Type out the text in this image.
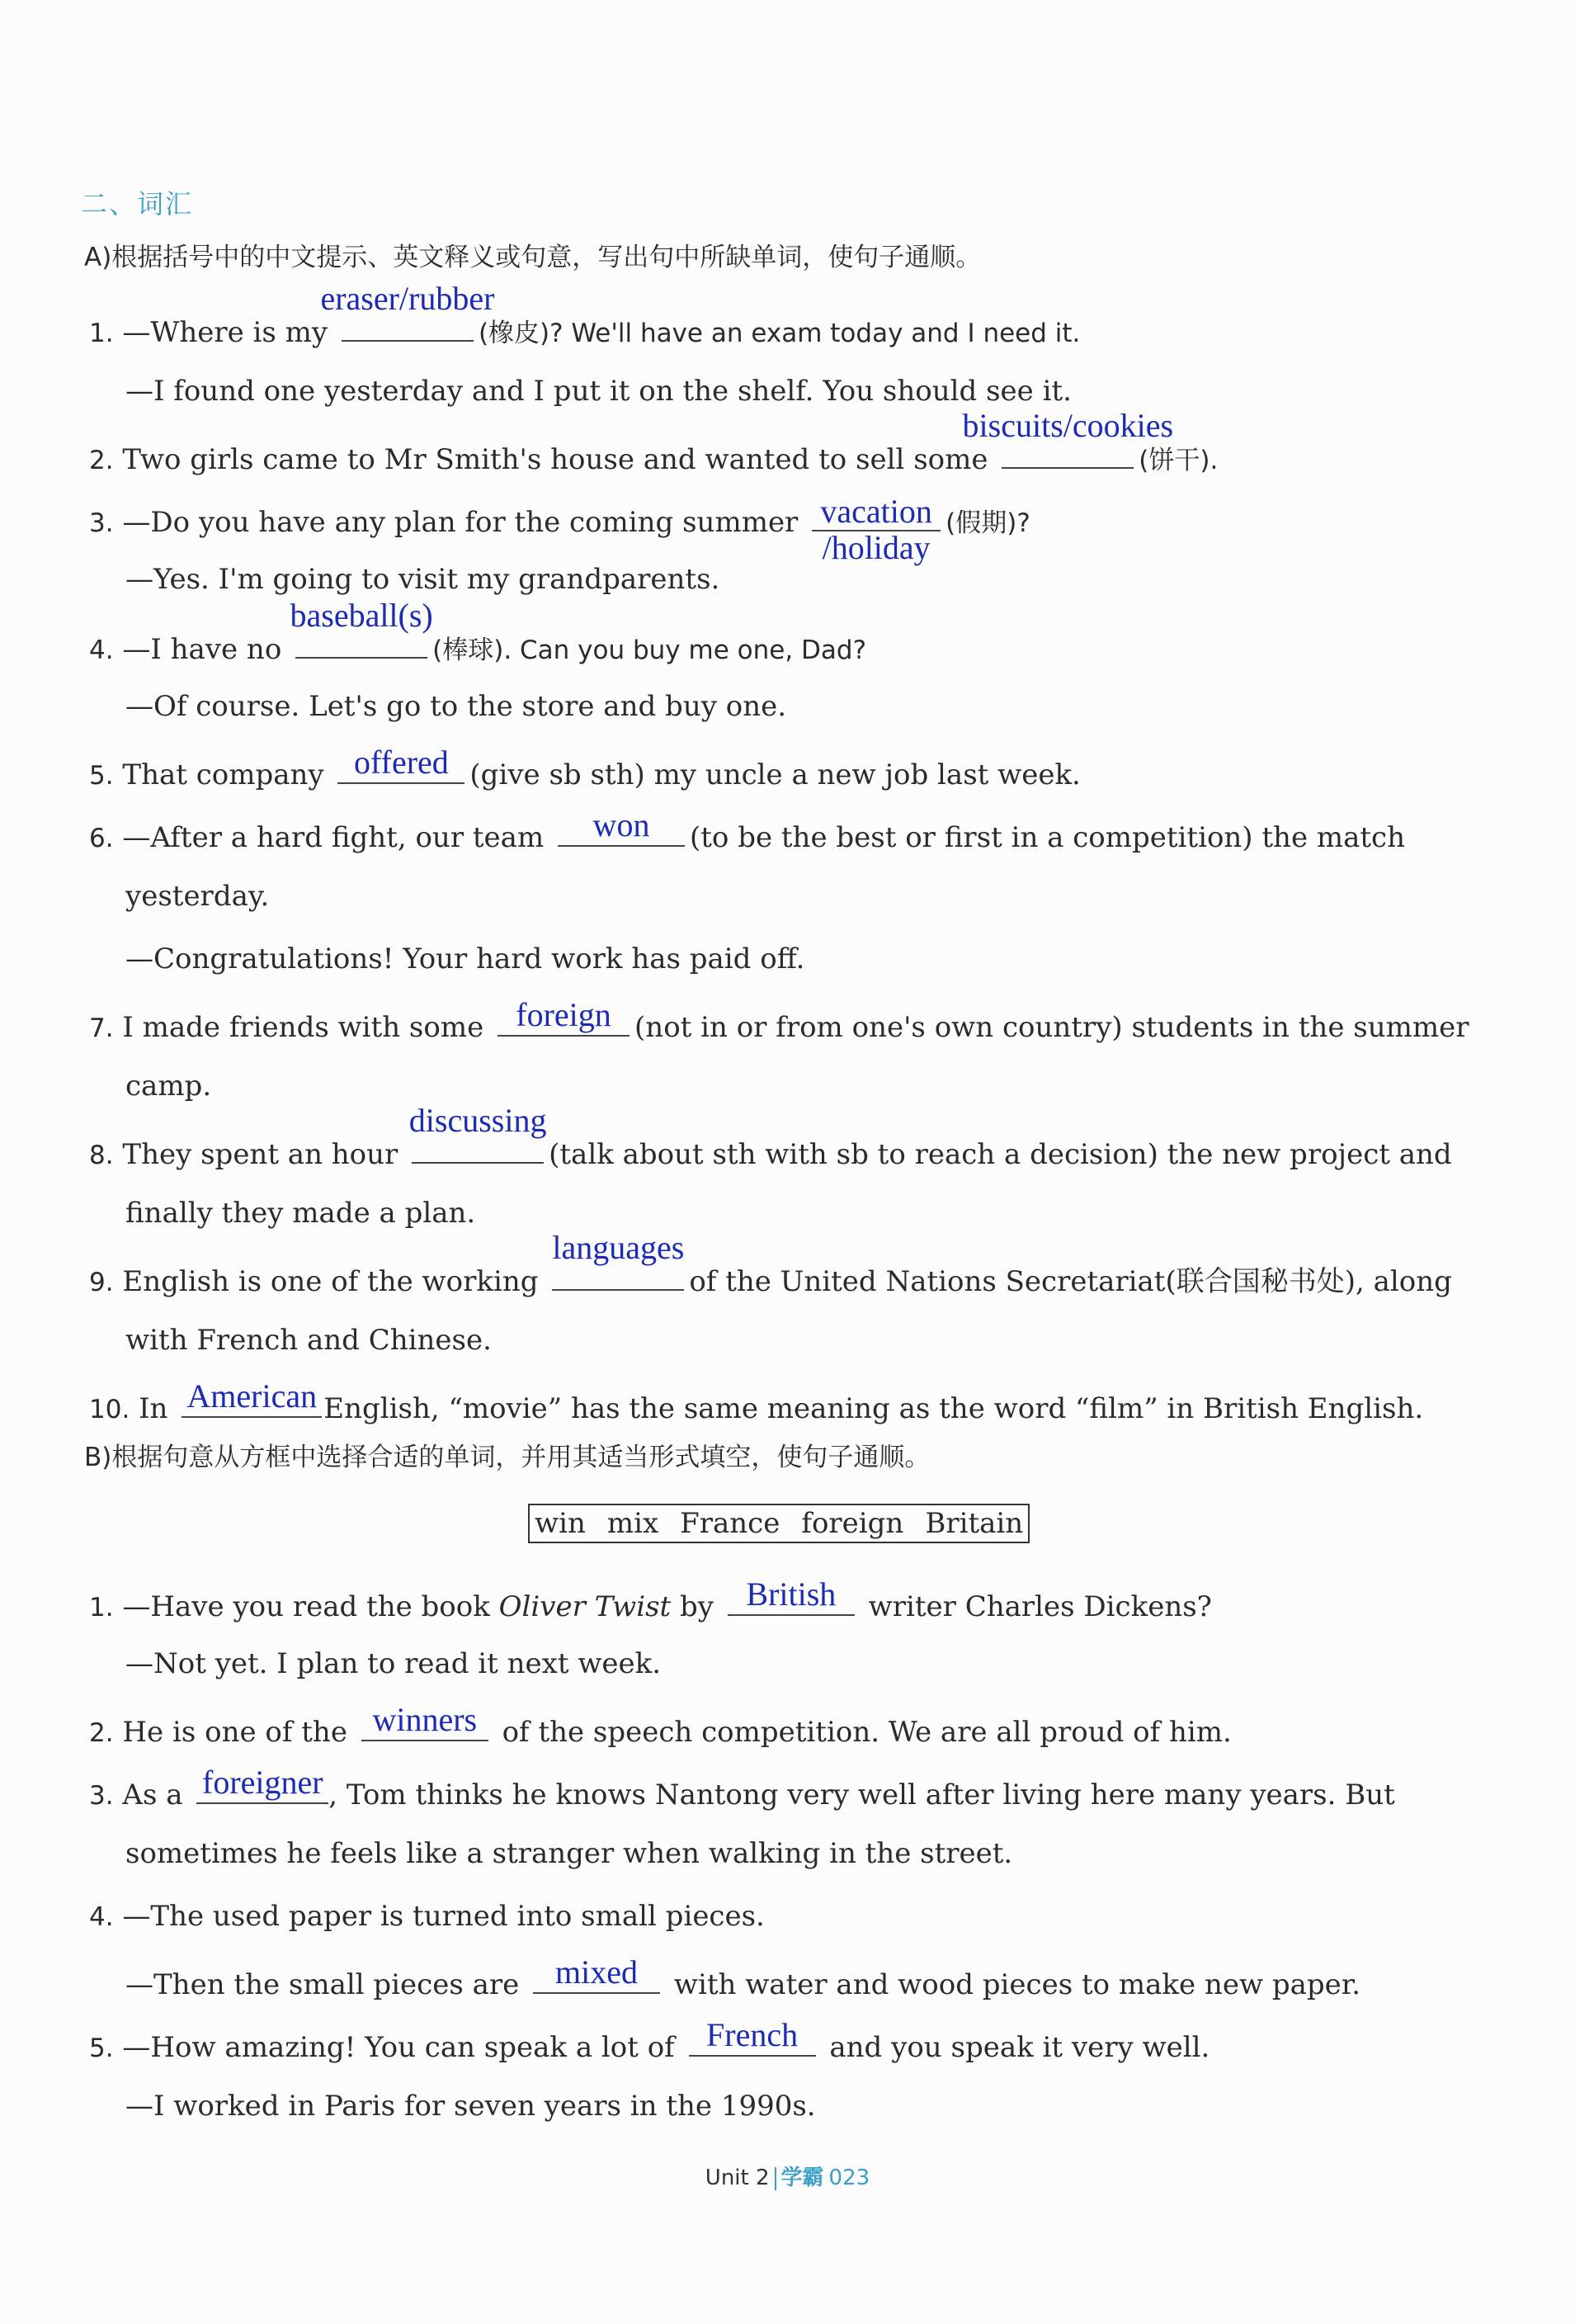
二、词汇
A)根据括号中的中文提示、英文释义或句意，写出句中所缺单词，使句子通顺。
1. —Where is my
eraser/rubber
(橡皮)? We'll have an exam today and I need it.
—I found one yesterday and I put it on the shelf. You should see it.
2. Two girls came to Mr Smith's house and wanted to sell some
biscuits/cookies
(饼干).
3. —Do you have any plan for the coming summer vacation
/holiday
(假期)?
—Yes. I'm going to visit my grandparents.
4. —I have no
baseball(s)
(棒球). Can you buy me one, Dad?
—Of course. Let's go to the store and buy one.
5. That company offered (give sb sth) my uncle a new job last week.
6. —After a hard fight, our team won (to be the best or first in a competition) the match
yesterday.
—Congratulations! Your hard work has paid off.
7. I made friends with some foreign (not in or from one's own country) students in the summer
camp.
8. They spent an hour
discussing
(talk about sth with sb to reach a decision) the new project and
finally they made a plan.
9. English is one of the working
languages
of the United Nations Secretariat(联合国秘书处), along
with French and Chinese.
10. In American English, “movie” has the same meaning as the word “film” in British English.
B)根据句意从方框中选择合适的单词，并用其适当形式填空，使句子通顺。
win mix France foreign Britain
1. —Have you read the book Oliver Twist by British writer Charles Dickens?
—Not yet. I plan to read it next week.
2. He is one of the winners of the speech competition. We are all proud of him.
3. As a foreigner , Tom thinks he knows Nantong very well after living here many years. But
sometimes he feels like a stranger when walking in the street.
4. —The used paper is turned into small pieces.
—Then the small pieces are mixed with water and wood pieces to make new paper.
5. —How amazing! You can speak a lot of French and you speak it very well.
—I worked in Paris for seven years in the 1990s.
Unit 2 学霸 023
